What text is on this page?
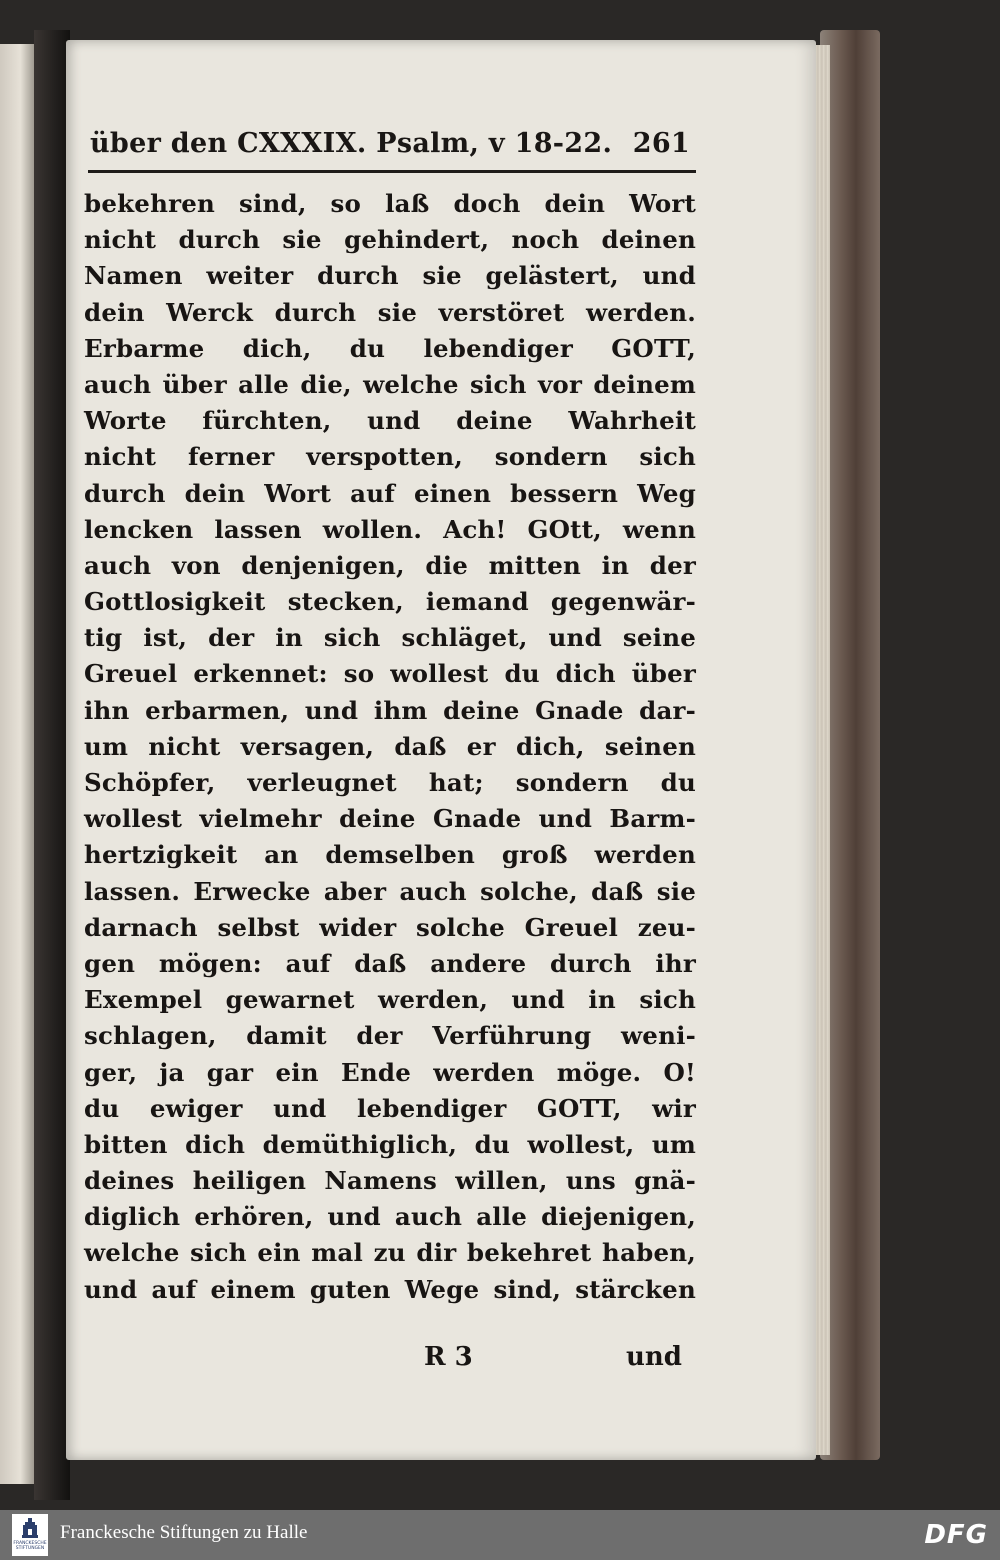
über den CXXXIX. Psalm, v 18-22. 261
bekehren sind, so laß doch dein Wort
nicht durch sie gehindert, noch deinen
Namen weiter durch sie gelästert, und
dein Werck durch sie verstöret werden.
Erbarme dich, du lebendiger GOTT,
auch über alle die, welche sich vor deinem
Worte fürchten, und deine Wahrheit
nicht ferner verspotten, sondern sich
durch dein Wort auf einen bessern Weg
lencken lassen wollen. Ach! GOtt, wenn
auch von denjenigen, die mitten in der
Gottlosigkeit stecken, iemand gegenwär-
tig ist, der in sich schläget, und seine
Greuel erkennet: so wollest du dich über
ihn erbarmen, und ihm deine Gnade dar-
um nicht versagen, daß er dich, seinen
Schöpfer, verleugnet hat; sondern du
wollest vielmehr deine Gnade und Barm-
hertzigkeit an demselben groß werden
lassen. Erwecke aber auch solche, daß sie
darnach selbst wider solche Greuel zeu-
gen mögen: auf daß andere durch ihr
Exempel gewarnet werden, und in sich
schlagen, damit der Verführung weni-
ger, ja gar ein Ende werden möge. O!
du ewiger und lebendiger GOTT, wir
bitten dich demüthiglich, du wollest, um
deines heiligen Namens willen, uns gnä-
diglich erhören, und auch alle diejenigen,
welche sich ein mal zu dir bekehret haben,
und auf einem guten Wege sind, stärcken
R 3	und
FRANCKESCHE STIFTUNGEN
Franckesche Stiftungen zu Halle	DFG
